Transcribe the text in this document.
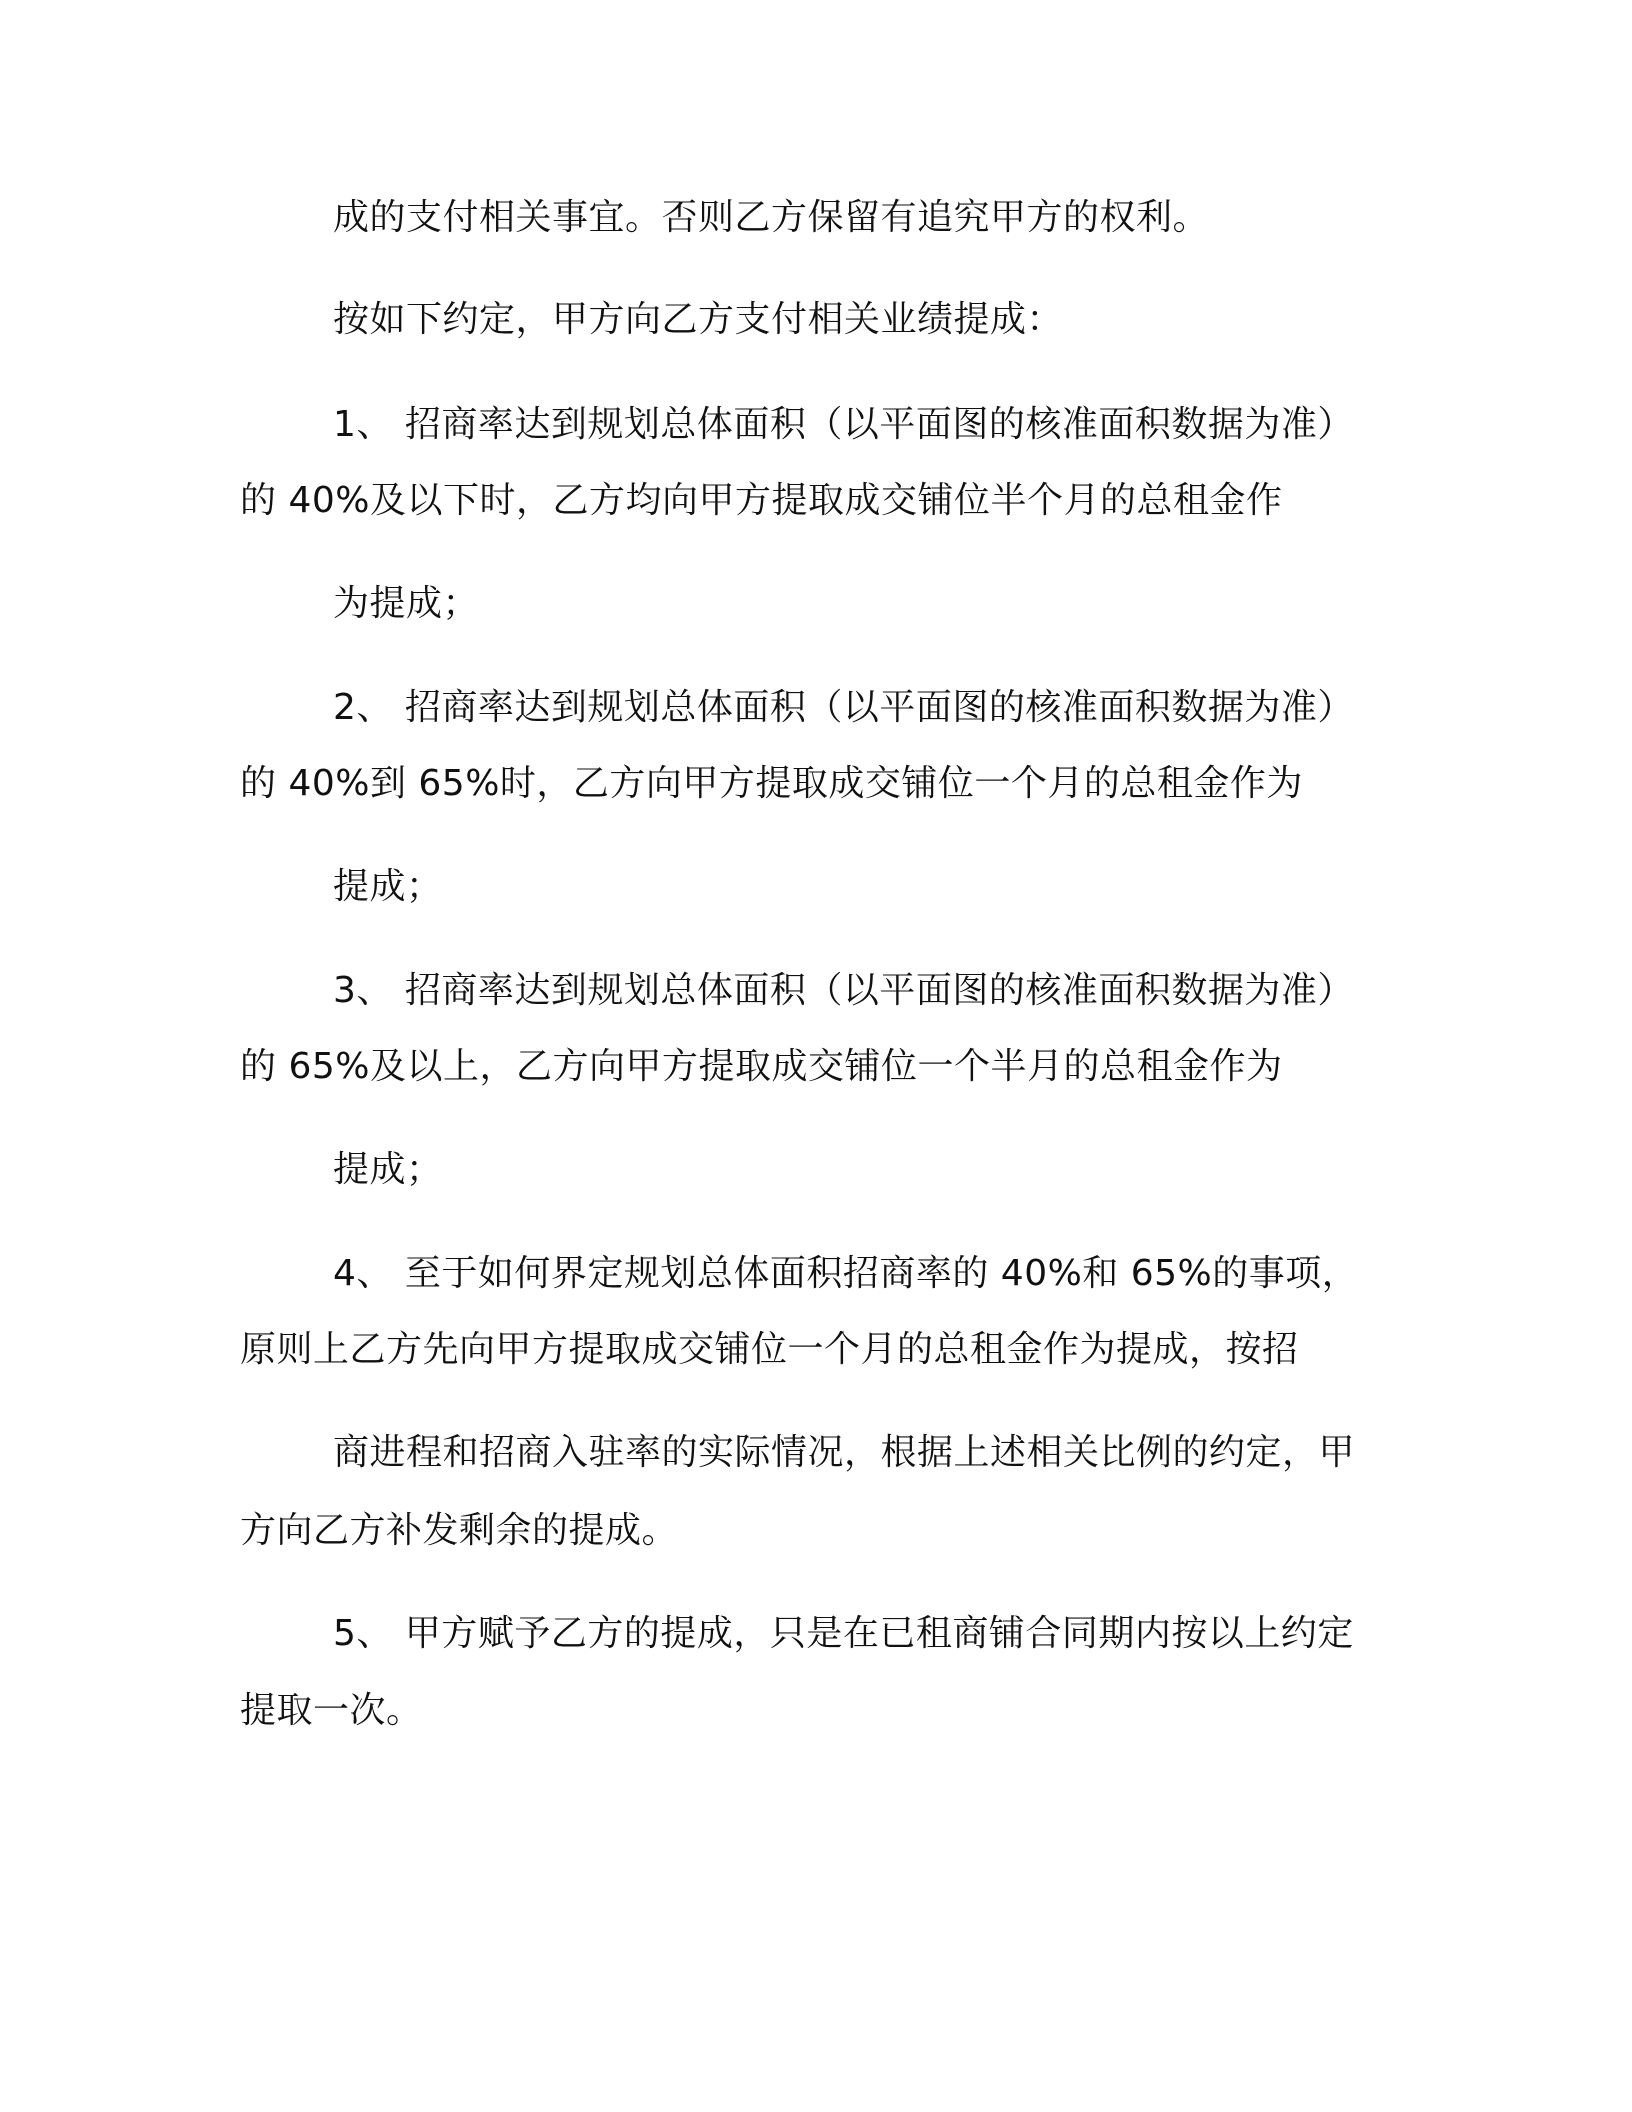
成的支付相关事宜。否则乙方保留有追究甲方的权利。
按如下约定，甲方向乙方支付相关业绩提成：
1、 招商率达到规划总体面积（以平面图的核准面积数据为准）
的 40%及以下时，乙方均向甲方提取成交铺位半个月的总租金作
为提成；
2、 招商率达到规划总体面积（以平面图的核准面积数据为准）
的 40%到 65%时，乙方向甲方提取成交铺位一个月的总租金作为
提成；
3、 招商率达到规划总体面积（以平面图的核准面积数据为准）
的 65%及以上，乙方向甲方提取成交铺位一个半月的总租金作为
提成；
4、 至于如何界定规划总体面积招商率的 40%和 65%的事项，
原则上乙方先向甲方提取成交铺位一个月的总租金作为提成，按招
商进程和招商入驻率的实际情况，根据上述相关比例的约定，甲
方向乙方补发剩余的提成。
5、 甲方赋予乙方的提成，只是在已租商铺合同期内按以上约定
提取一次。
